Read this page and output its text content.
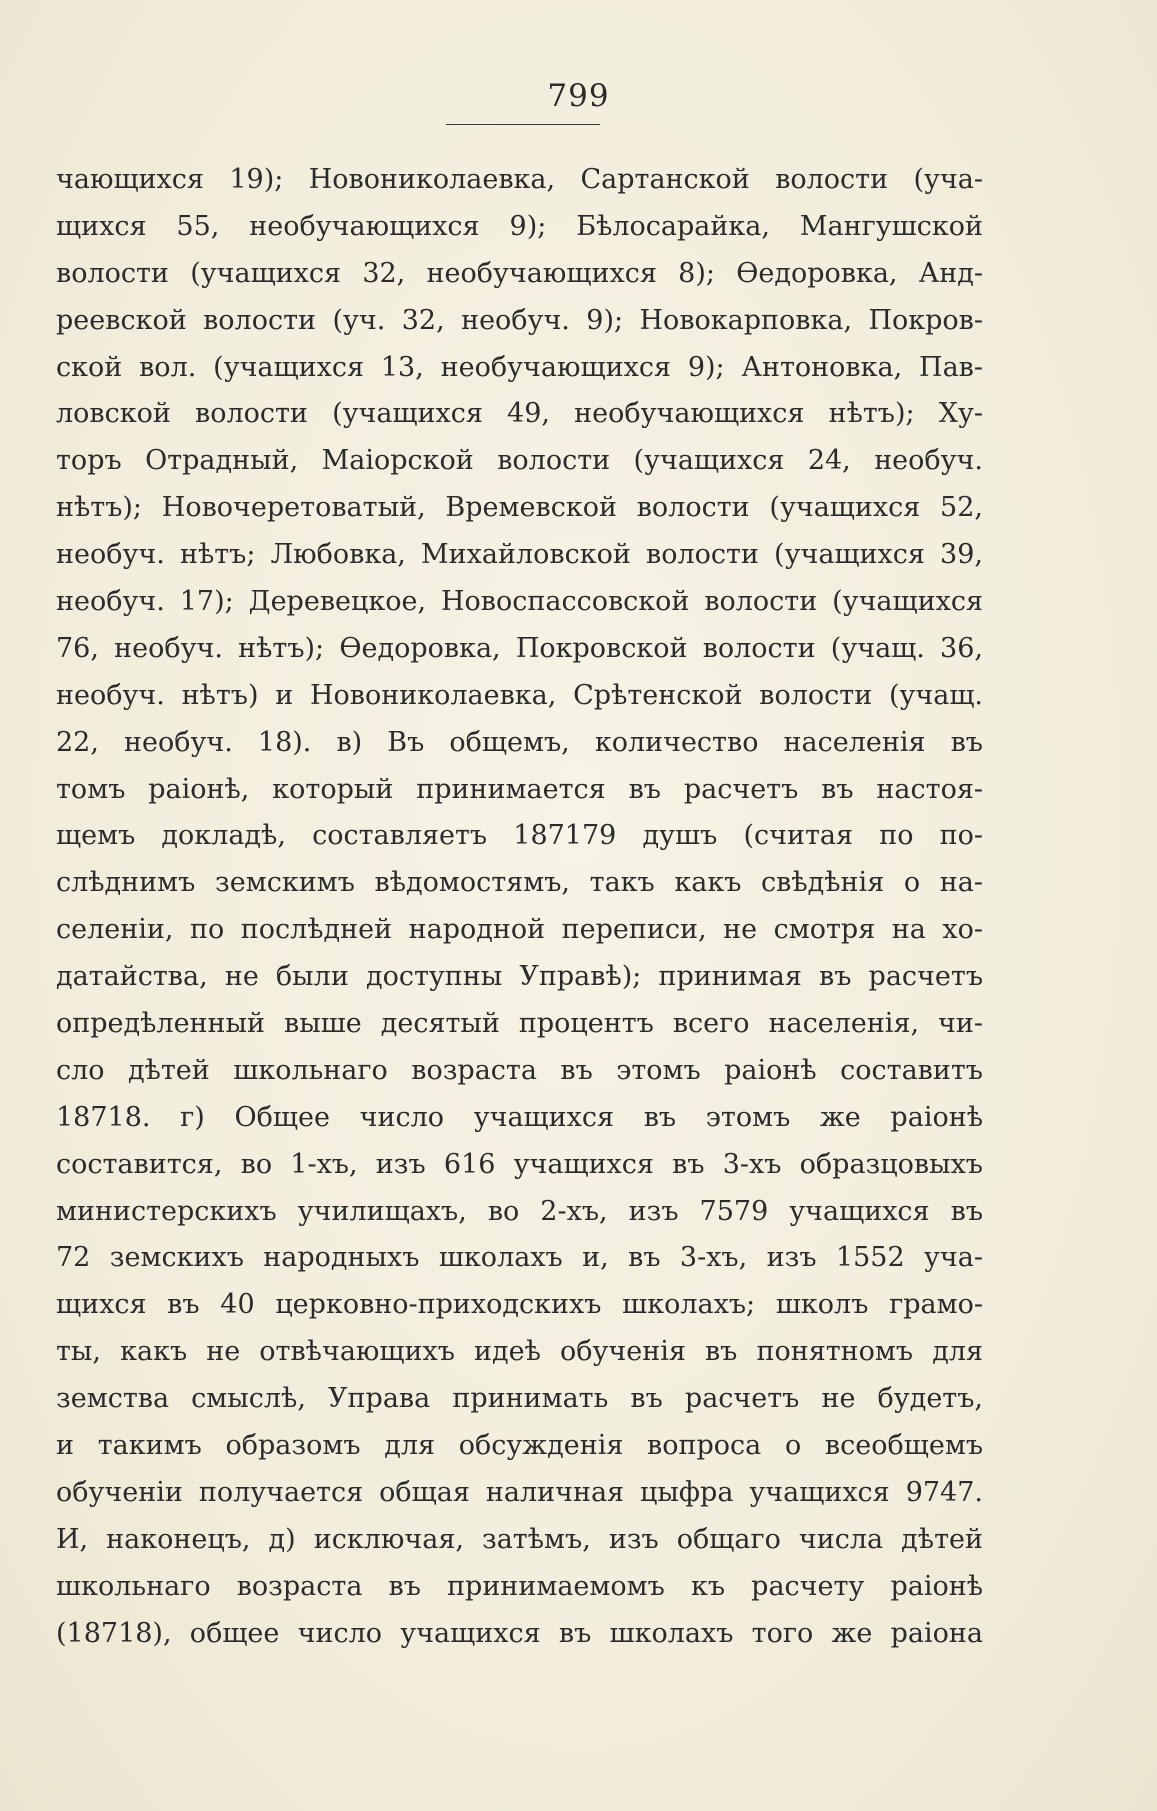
799
чающихся 19); Новониколаевка, Сартанской волости (уча-
щихся 55, необучающихся 9); Бѣлосарайка, Мангушской
волости (учащихся 32, необучающихся 8); Ѳедоровка, Анд-
реевской волости (уч. 32, необуч. 9); Новокарповка, Покров-
ской вол. (учащихся 13, необучающихся 9); Антоновка, Пав-
ловской волости (учащихся 49, необучающихся нѣтъ); Ху-
торъ Отрадный, Маіорской волости (учащихся 24, необуч.
нѣтъ); Новочеретоватый, Времевской волости (учащихся 52,
необуч. нѣтъ; Любовка, Михайловской волости (учащихся 39,
необуч. 17); Деревецкое, Новоспассовской волости (учащихся
76, необуч. нѣтъ); Ѳедоровка, Покровской волости (учащ. 36,
необуч. нѣтъ) и Новониколаевка, Срѣтенской волости (учащ.
22, необуч. 18). в) Въ общемъ, количество населенія въ
томъ раіонѣ, который принимается въ расчетъ въ настоя-
щемъ докладѣ, составляетъ 187179 душъ (считая по по-
слѣднимъ земскимъ вѣдомостямъ, такъ какъ свѣдѣнія о на-
селеніи, по послѣдней народной переписи, не смотря на хо-
датайства, не были доступны Управѣ); принимая въ расчетъ
опредѣленный выше десятый процентъ всего населенія, чи-
сло дѣтей школьнаго возраста въ этомъ раіонѣ составитъ
18718. г) Общее число учащихся въ этомъ же раіонѣ
составится, во 1-хъ, изъ 616 учащихся въ 3-хъ образцовыхъ
министерскихъ училищахъ, во 2-хъ, изъ 7579 учащихся въ
72 земскихъ народныхъ школахъ и, въ 3-хъ, изъ 1552 уча-
щихся въ 40 церковно-приходскихъ школахъ; школъ грамо-
ты, какъ не отвѣчающихъ идеѣ обученія въ понятномъ для
земства смыслѣ, Управа принимать въ расчетъ не будетъ,
и такимъ образомъ для обсужденія вопроса о всеобщемъ
обученіи получается общая наличная цыфра учащихся 9747.
И, наконецъ, д) исключая, затѣмъ, изъ общаго числа дѣтей
школьнаго возраста въ принимаемомъ къ расчету раіонѣ
(18718), общее число учащихся въ школахъ того же раіона
